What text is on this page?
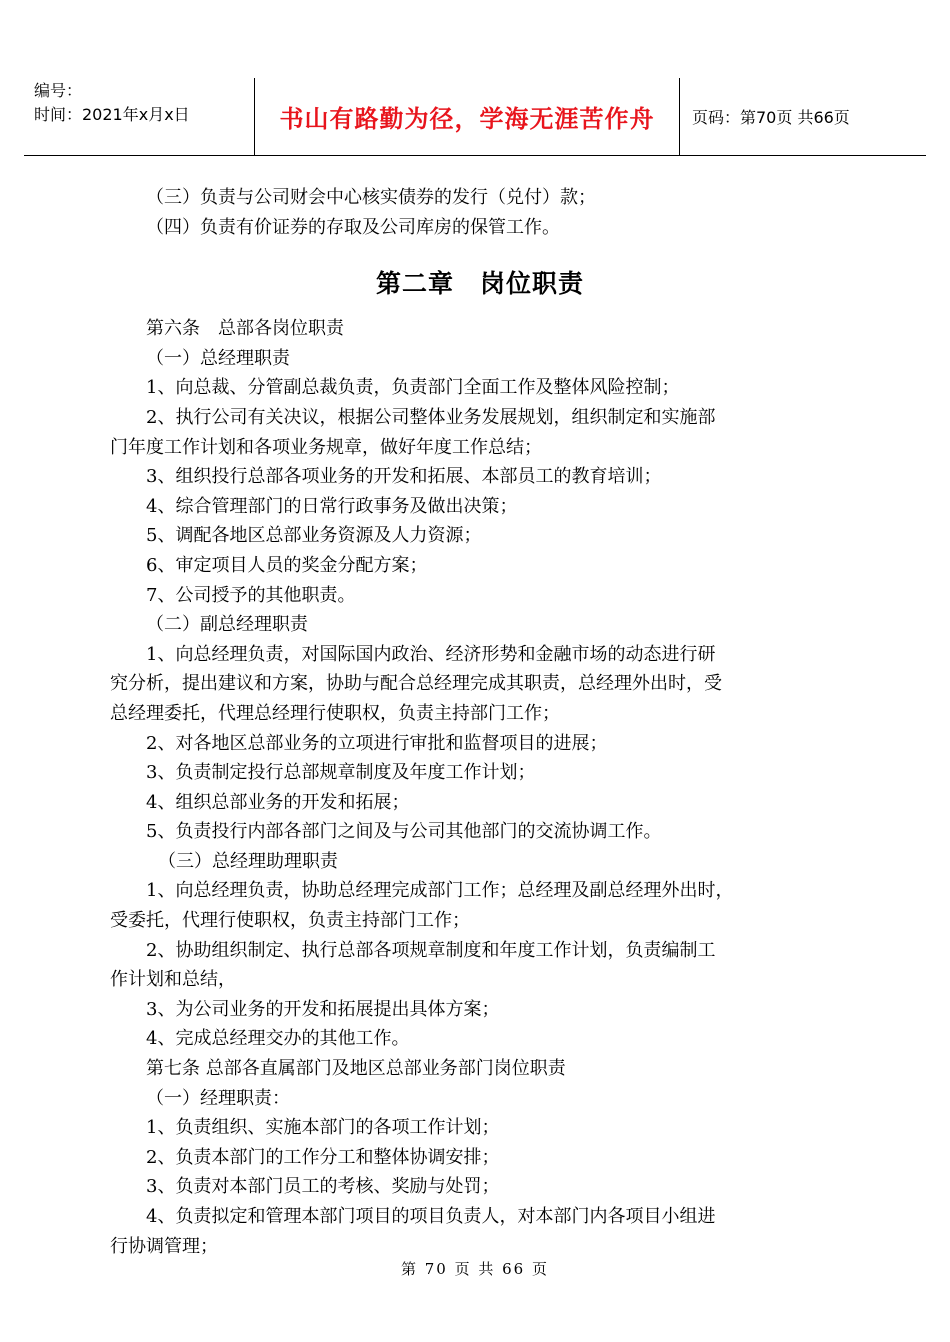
编号：
时间：2021年x月x日	书山有路勤为径，学海无涯苦作舟	页码：第70页 共66页
（三）负责与公司财会中心核实债券的发行（兑付）款；
（四）负责有价证券的存取及公司库房的保管工作。
第二章　岗位职责
第六条　总部各岗位职责
（一）总经理职责
1、向总裁、分管副总裁负责，负责部门全面工作及整体风险控制；
2、执行公司有关决议，根据公司整体业务发展规划，组织制定和实施部
门年度工作计划和各项业务规章，做好年度工作总结；
3、组织投行总部各项业务的开发和拓展、本部员工的教育培训；
4、综合管理部门的日常行政事务及做出决策；
5、调配各地区总部业务资源及人力资源；
6、审定项目人员的奖金分配方案；
7、公司授予的其他职责。
（二）副总经理职责
1、向总经理负责，对国际国内政治、经济形势和金融市场的动态进行研
究分析，提出建议和方案，协助与配合总经理完成其职责，总经理外出时，受
总经理委托，代理总经理行使职权，负责主持部门工作；
2、对各地区总部业务的立项进行审批和监督项目的进展；
3、负责制定投行总部规章制度及年度工作计划；
4、组织总部业务的开发和拓展；
5、负责投行内部各部门之间及与公司其他部门的交流协调工作。
（三）总经理助理职责
1、向总经理负责，协助总经理完成部门工作；总经理及副总经理外出时，
受委托，代理行使职权，负责主持部门工作；
2、协助组织制定、执行总部各项规章制度和年度工作计划，负责编制工
作计划和总结，
3、为公司业务的开发和拓展提出具体方案；
4、完成总经理交办的其他工作。
第七条 总部各直属部门及地区总部业务部门岗位职责
（一）经理职责：
1、负责组织、实施本部门的各项工作计划；
2、负责本部门的工作分工和整体协调安排；
3、负责对本部门员工的考核、奖励与处罚；
4、负责拟定和管理本部门项目的项目负责人，对本部门内各项目小组进
行协调管理；
第 70 页 共 66 页
